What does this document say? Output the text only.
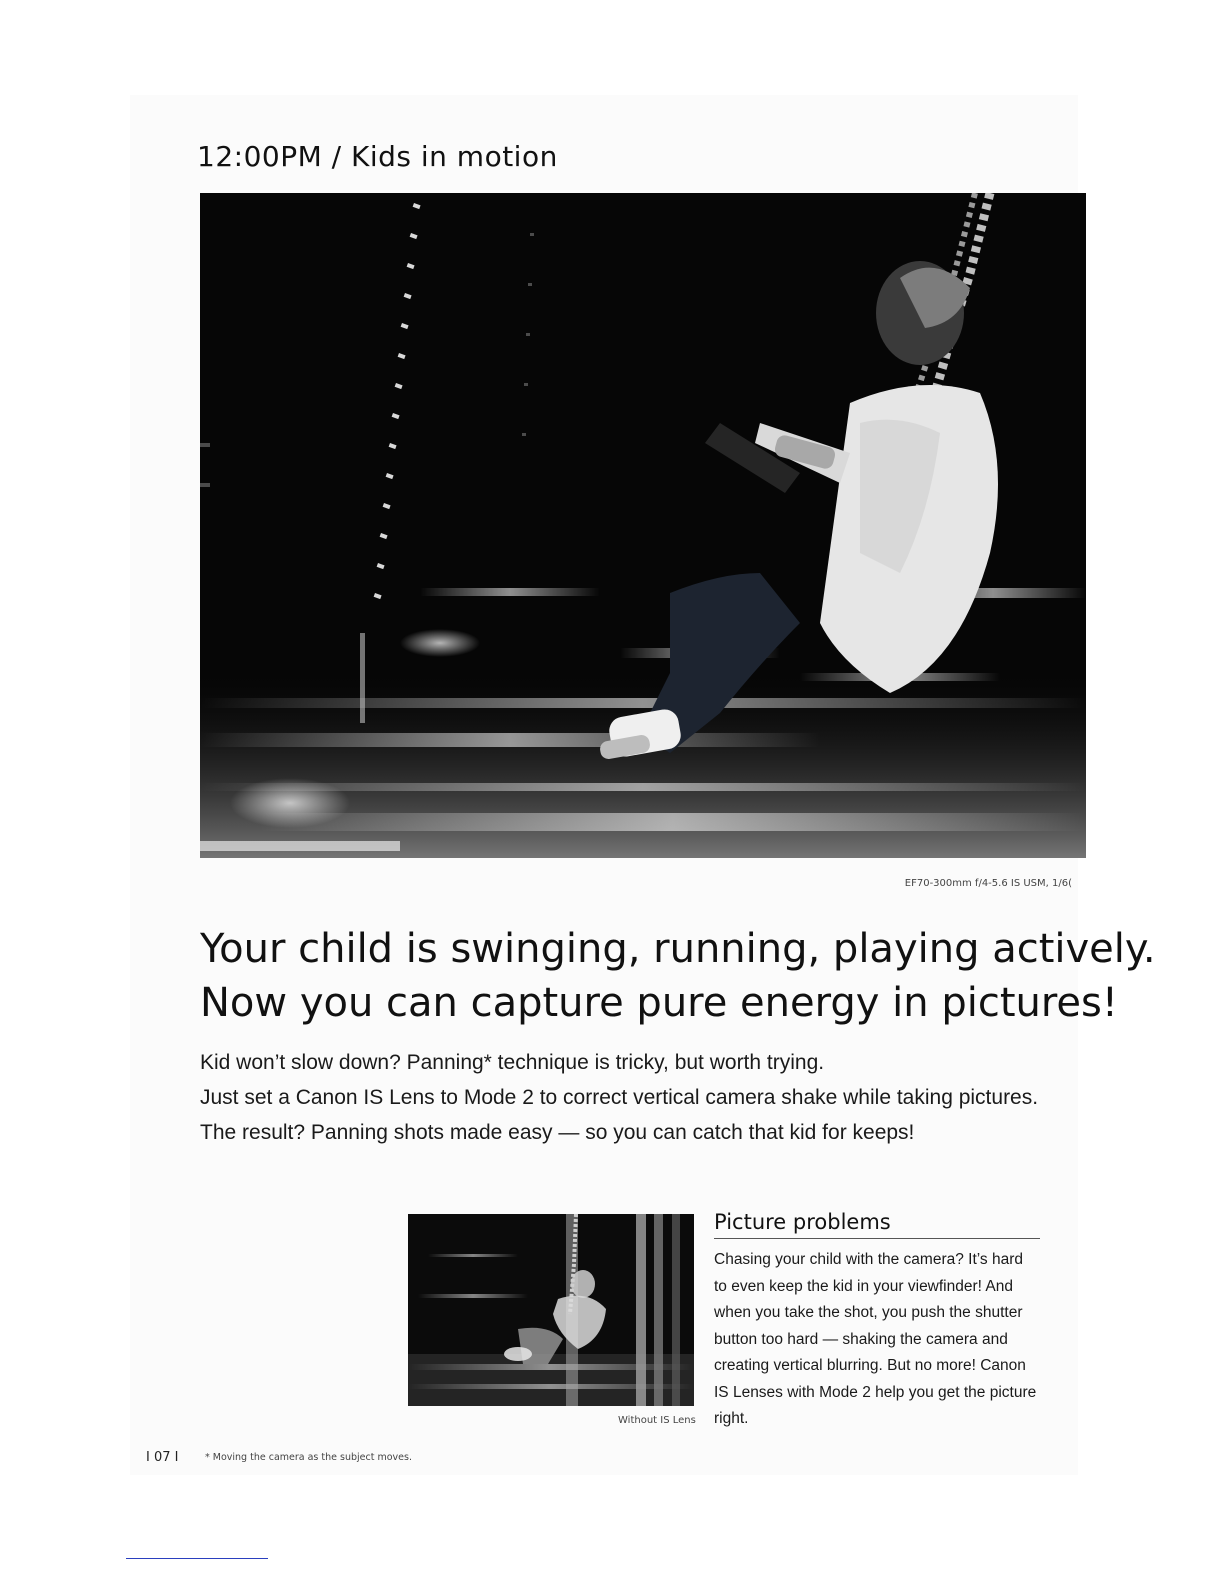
12:00PM / Kids in motion
EF70-300mm f/4-5.6 IS USM, 1/6(
Your child is swinging, running, playing actively.
Now you can capture pure energy in pictures!

Kid won’t slow down? Panning* technique is tricky, but worth trying.
Just set a Canon IS Lens to Mode 2 to correct vertical camera shake while taking pictures.
The result? Panning shots made easy — so you can catch that kid for keeps!

Without IS Lens
Picture problems

Chasing your child with the camera? It’s hard to even keep the kid in your viewfinder! And when you take the shot, you push the shutter button too hard — shaking the camera and creating vertical blurring. But no more! Canon IS Lenses with Mode 2 help you get the picture right.

I 07 I	* Moving the camera as the subject moves.
